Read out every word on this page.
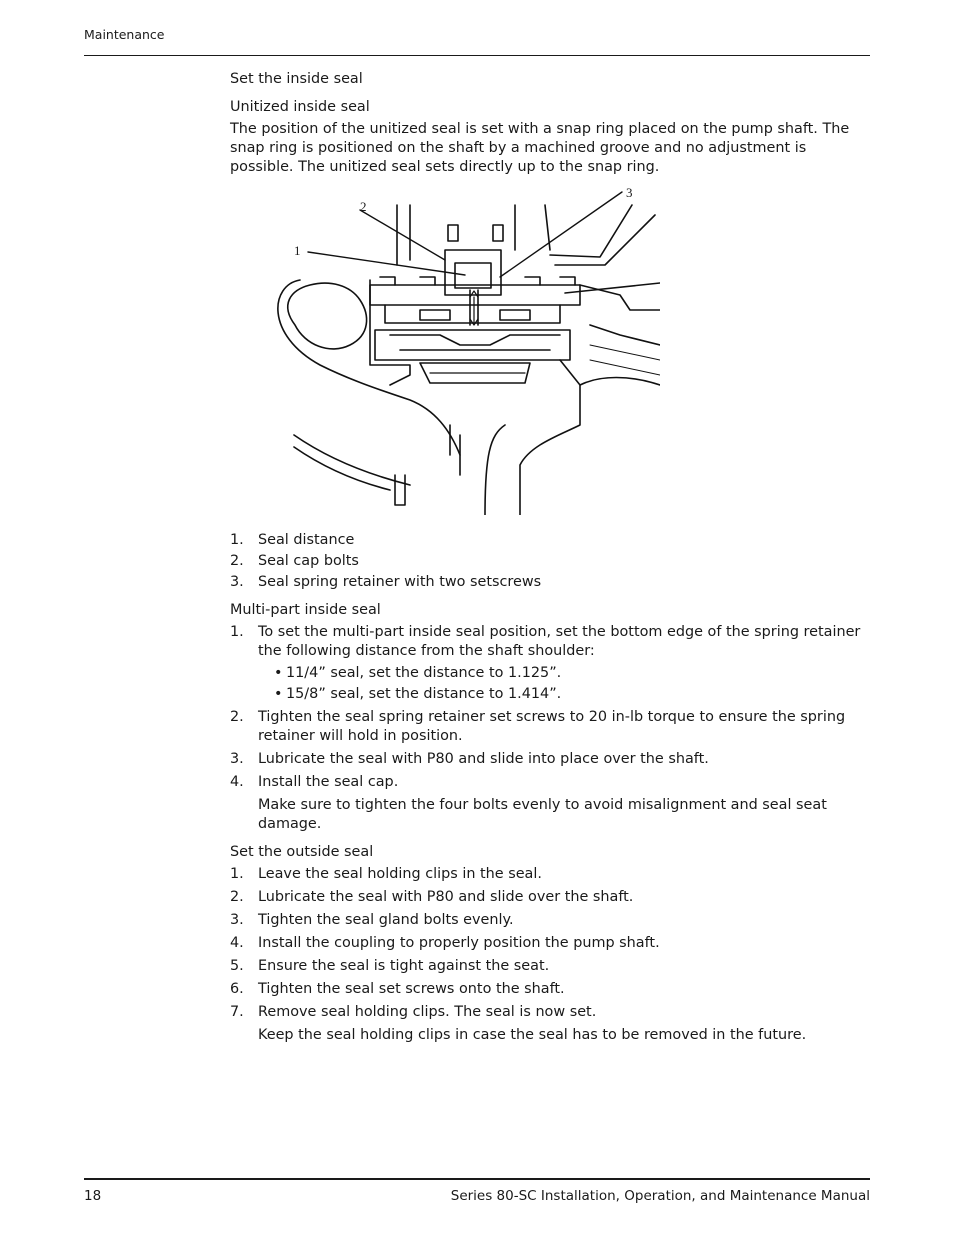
Maintenance
Set the inside seal
Unitized inside seal

The position of the unitized seal is set with a snap ring placed on the pump shaft. The snap ring is positioned on the shaft by a machined groove and no adjustment is possible. The unitized seal sets directly up to the snap ring.

1
2
3
1. Seal distance
2. Seal cap bolts
3. Seal spring retainer with two setscrews
Multi-part inside seal
1. To set the multi-part inside seal position, set the bottom edge of the spring retainer the following distance from the shaft shoulder:
• 11/4” seal, set the distance to 1.125”.
• 15/8” seal, set the distance to 1.414”.
2. Tighten the seal spring retainer set screws to 20 in-lb torque to ensure the spring retainer will hold in position.
3. Lubricate the seal with P80 and slide into place over the shaft.
4. Install the seal cap.

Make sure to tighten the four bolts evenly to avoid misalignment and seal seat damage.

Set the outside seal
1. Leave the seal holding clips in the seal.
2. Lubricate the seal with P80 and slide over the shaft.
3. Tighten the seal gland bolts evenly.
4. Install the coupling to properly position the pump shaft.
5. Ensure the seal is tight against the seat.
6. Tighten the seal set screws onto the shaft.
7. Remove seal holding clips. The seal is now set.

Keep the seal holding clips in case the seal has to be removed in the future.

18	Series 80-SC Installation, Operation, and Maintenance Manual
